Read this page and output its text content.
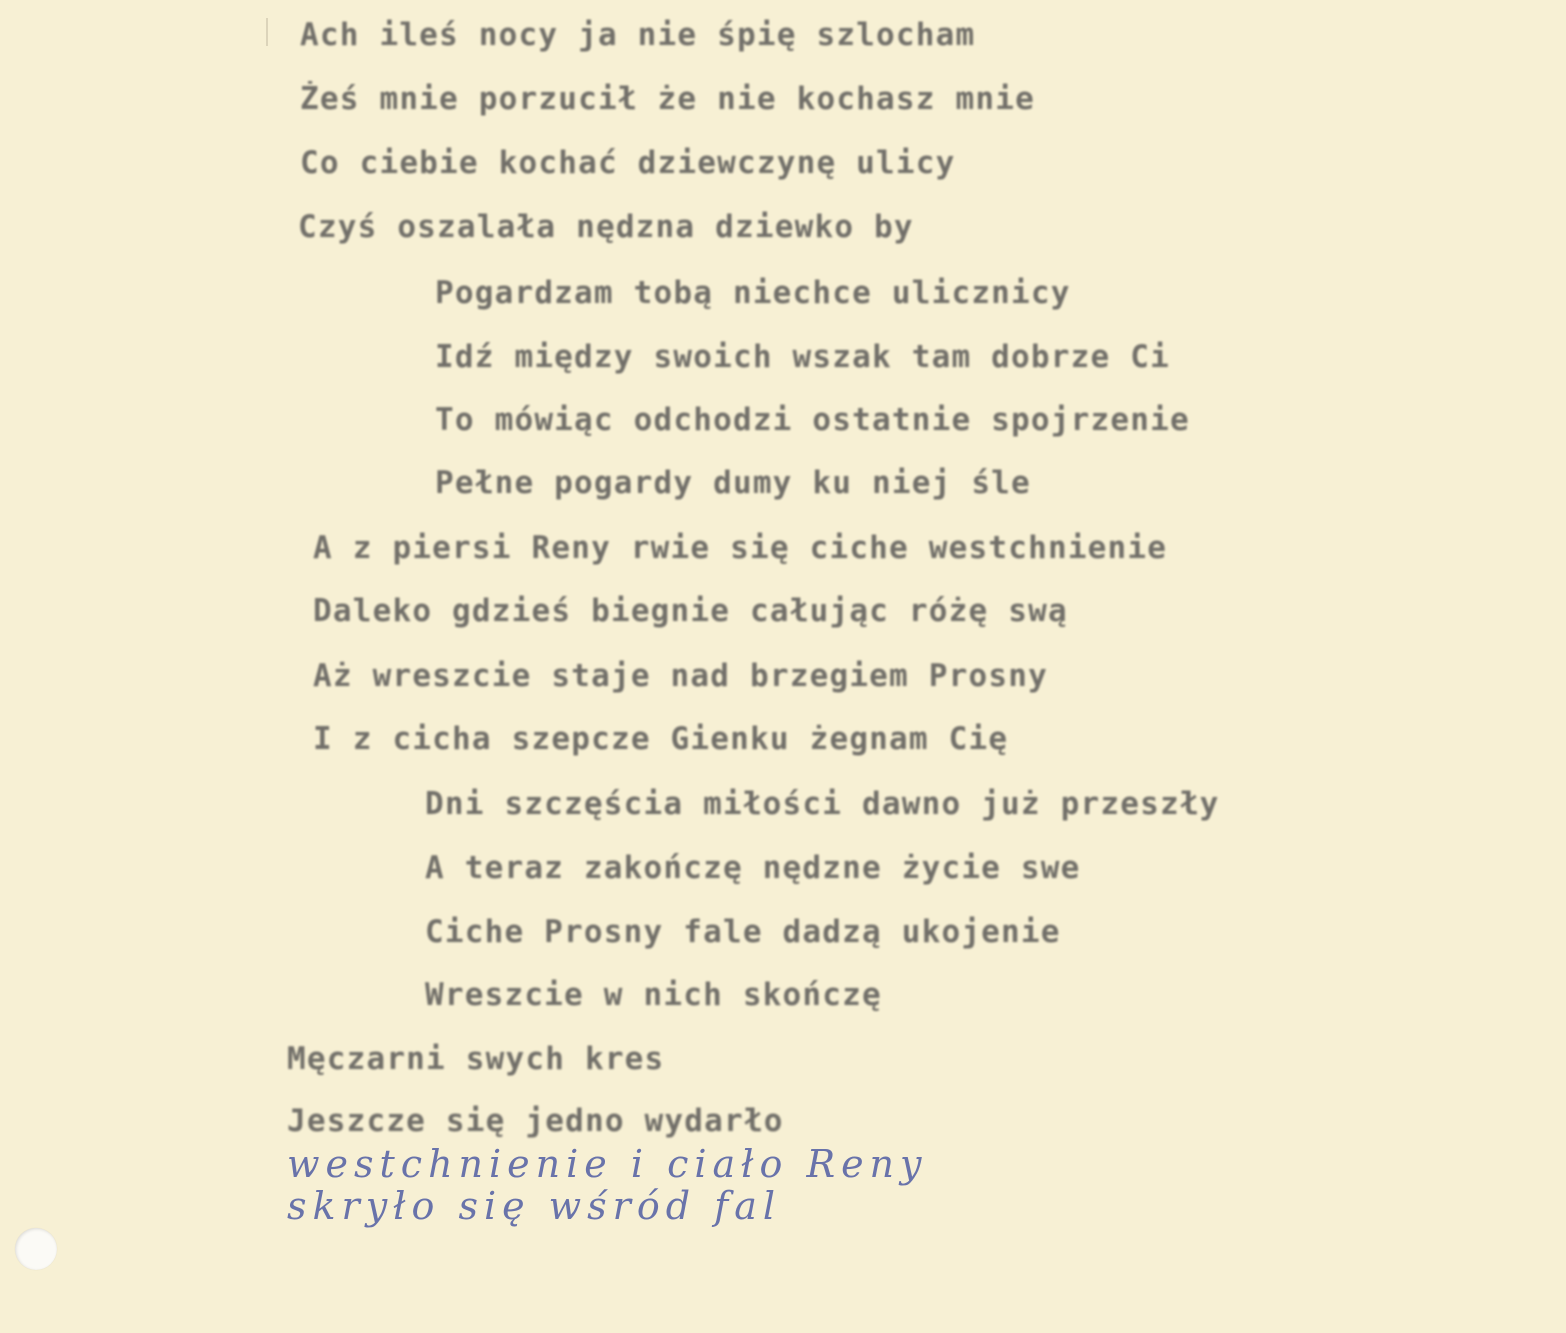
Ach ileś nocy ja nie śpię szlocham
Żeś mnie porzucił że nie kochasz mnie
Co ciebie kochać dziewczynę ulicy
Czyś oszalała nędzna dziewko by
Pogardzam tobą niechce ulicznicy
Idź między swoich wszak tam dobrze Ci
To mówiąc odchodzi ostatnie spojrzenie
Pełne pogardy dumy ku niej śle
A z piersi Reny rwie się ciche westchnienie
Daleko gdzieś biegnie całując różę swą
Aż wreszcie staje nad brzegiem Prosny
I z cicha szepcze Gienku żegnam Cię
Dni szczęścia miłości dawno już przeszły
A teraz zakończę nędzne życie swe
Ciche Prosny fale dadzą ukojenie
Wreszcie w nich skończę
Męczarni swych kres
Jeszcze się jedno wydarło
westchnienie i ciało Reny
skryło się wśród fal
